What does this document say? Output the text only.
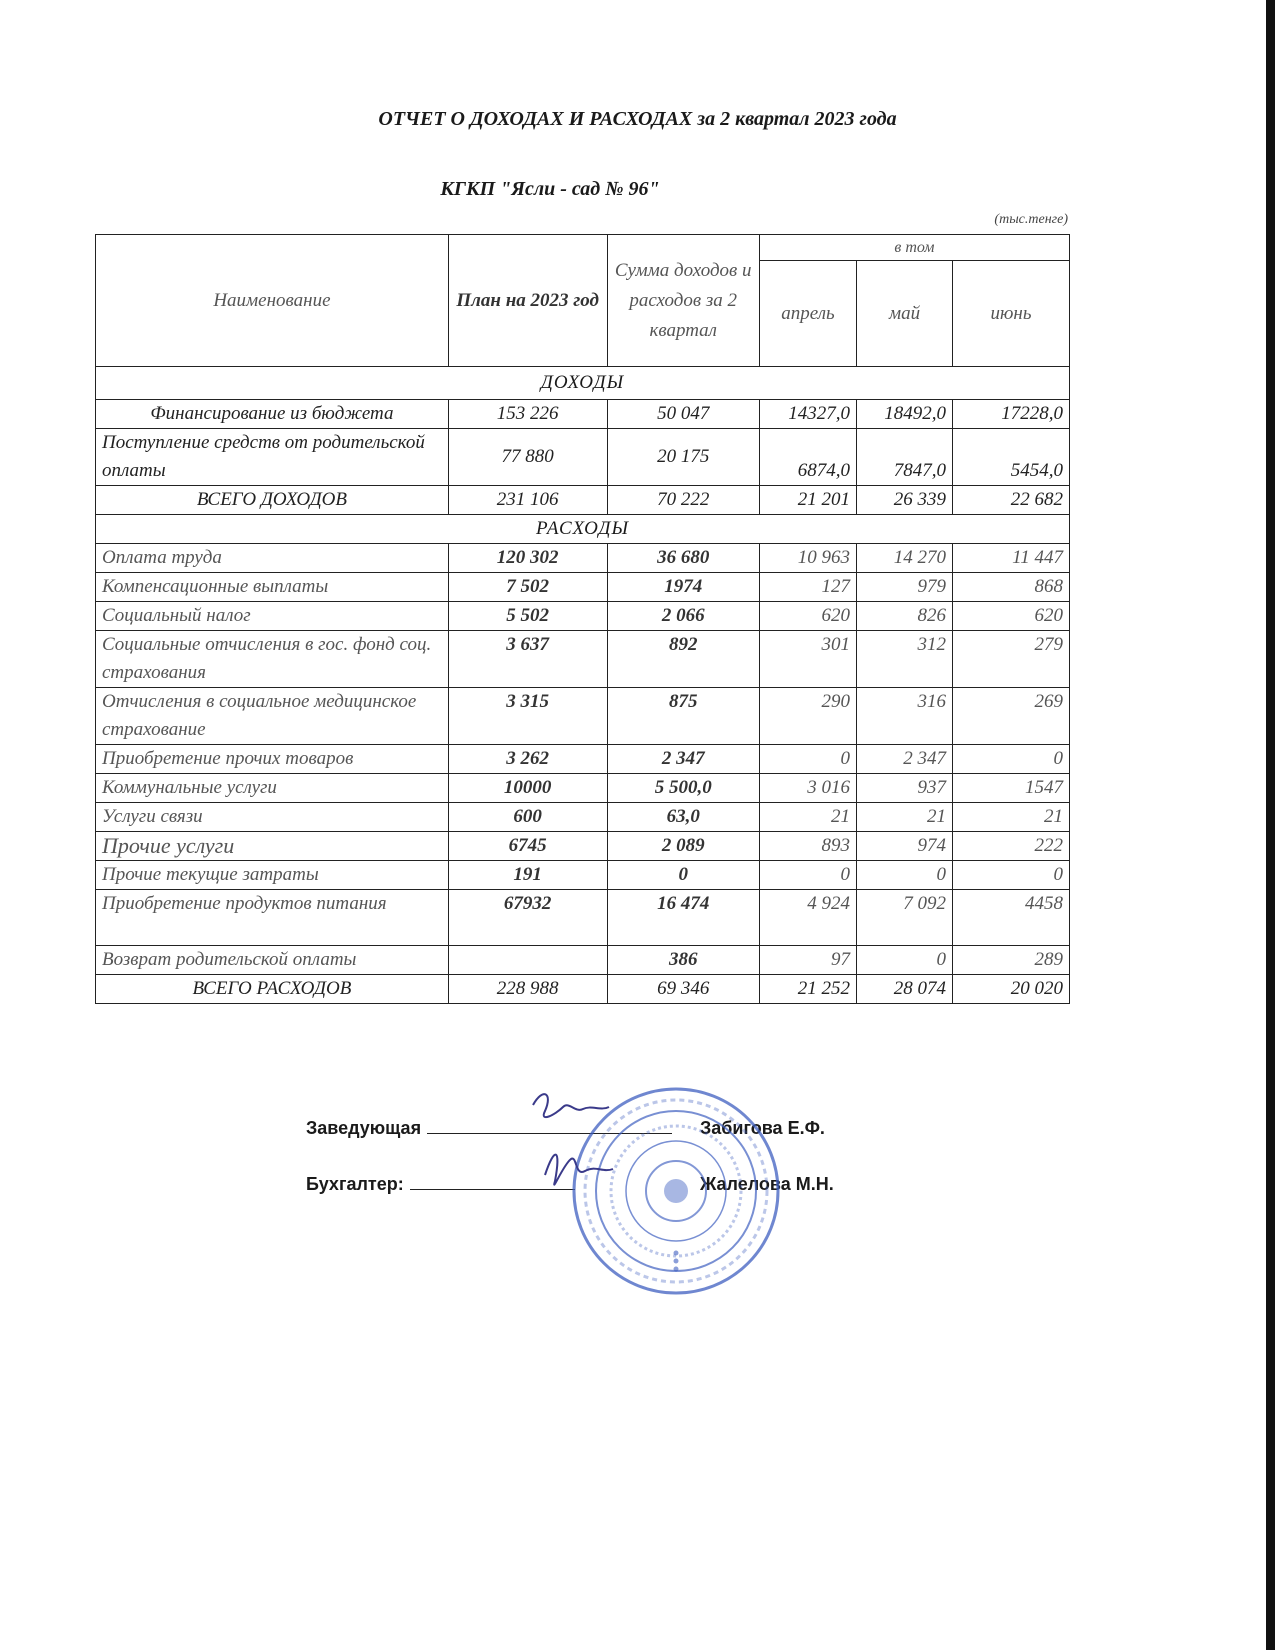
ОТЧЕТ О ДОХОДАХ И РАСХОДАХ за 2 квартал 2023 года
КГКП "Ясли - сад № 96"
(тыс.тенге)
Наименование	План на 2023 год	Сумма доходов и расходов за 2 квартал	в том		
			апрель	май	июнь
ДОХОДЫ					
Финансирование из бюджета	153 226	50 047	14327,0	18492,0	17228,0
Поступление средств от родительской оплаты	77 880	20 175	6874,0	7847,0	5454,0
ВСЕГО ДОХОДОВ	231 106	70 222	21 201	26 339	22 682
РАСХОДЫ					
Оплата труда	120 302	36 680	10 963	14 270	11 447
Компенсационные выплаты	7 502	1974	127	979	868
Социальный налог	5 502	2 066	620	826	620
Социальные отчисления в гос. фонд соц. страхования	3 637	892	301	312	279
Отчисления в социальное медицинское страхование	3 315	875	290	316	269
Приобретение прочих товаров	3 262	2 347	0	2 347	0
Коммунальные услуги	10000	5 500,0	3 016	937	1547
Услуги связи	600	63,0	21	21	21
Прочие услуги	6745	2 089	893	974	222
Прочие текущие затраты	191	0	0	0	0
Приобретение продуктов питания	67932	16 474	4 924	7 092	4458
Возврат родительской оплаты		386	97	0	289
ВСЕГО РАСХОДОВ	228 988	69 346	21 252	28 074	20 020
Заведующая	Забигова Е.Ф.
Бухгалтер:	Жалелова М.Н.
